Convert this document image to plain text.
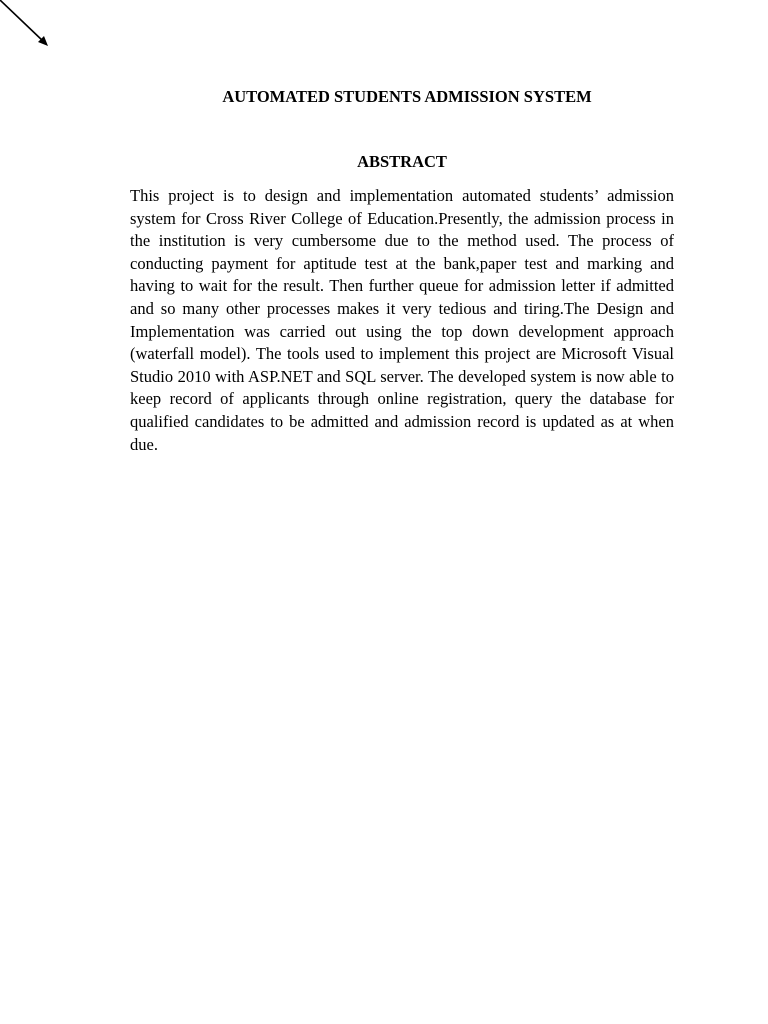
AUTOMATED STUDENTS ADMISSION SYSTEM
ABSTRACT

This project is to design and implementation automated students’ admission system for Cross River College of Education.Presently, the admission process in the institution is very cumbersome due to the method used. The process of conducting payment for aptitude test at the bank,paper test and marking and having to wait for the result. Then further queue for admission letter if admitted and so many other processes makes it very tedious and tiring.The Design and Implementation was carried out using the top down development approach (waterfall model). The tools used to implement this project are Microsoft Visual Studio 2010 with ASP.NET and SQL server. The developed system is now able to keep record of applicants through online registration, query the database for qualified candidates to be admitted and admission record is updated as at when due.
